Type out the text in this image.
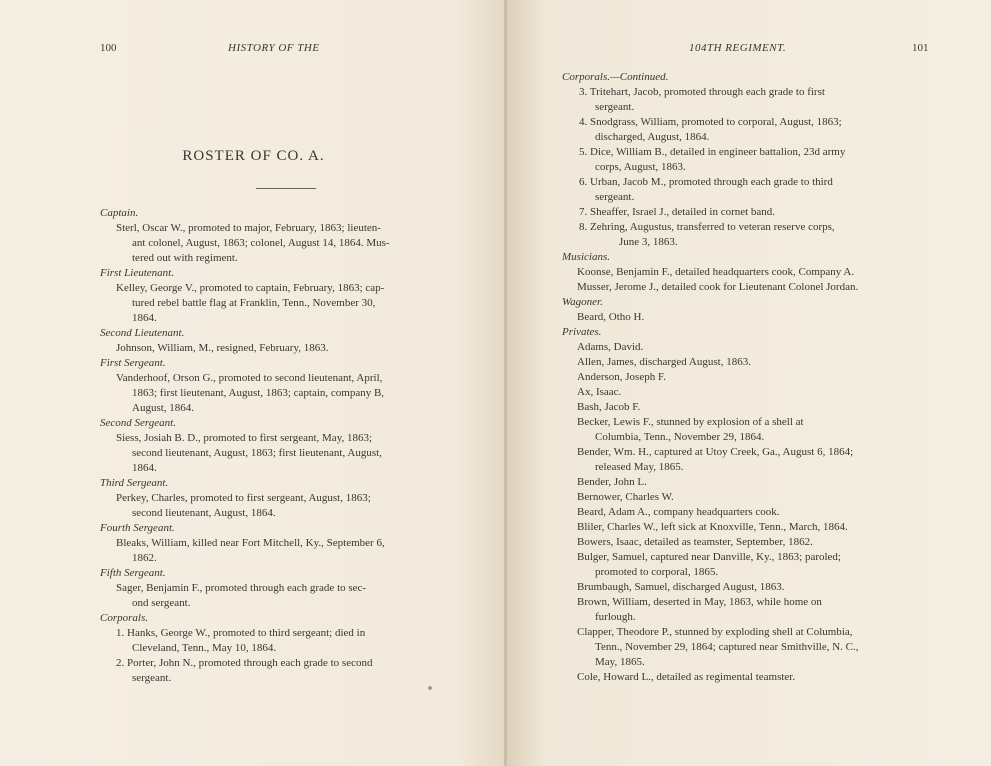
100	HISTORY OF THE
ROSTER OF CO. A.
Captain.
Sterl, Oscar W., promoted to major, February, 1863; lieuten-
ant colonel, August, 1863; colonel, August 14, 1864. Mus-
tered out with regiment.
First Lieutenant.
Kelley, George V., promoted to captain, February, 1863; cap-
tured rebel battle flag at Franklin, Tenn., November 30,
1864.
Second Lieutenant.
Johnson, William, M., resigned, February, 1863.
First Sergeant.
Vanderhoof, Orson G., promoted to second lieutenant, April,
1863; first lieutenant, August, 1863; captain, company B,
August, 1864.
Second Sergeant.
Siess, Josiah B. D., promoted to first sergeant, May, 1863;
second lieutenant, August, 1863; first lieutenant, August,
1864.
Third Sergeant.
Perkey, Charles, promoted to first sergeant, August, 1863;
second lieutenant, August, 1864.
Fourth Sergeant.
Bleaks, William, killed near Fort Mitchell, Ky., September 6,
1862.
Fifth Sergeant.
Sager, Benjamin F., promoted through each grade to sec-
ond sergeant.
Corporals.
1. Hanks, George W., promoted to third sergeant; died in
Cleveland, Tenn., May 10, 1864.
2. Porter, John N., promoted through each grade to second
sergeant.
104TH REGIMENT.	101
Corporals.—Continued.
3. Tritehart, Jacob, promoted through each grade to first
sergeant.
4. Snodgrass, William, promoted to corporal, August, 1863;
discharged, August, 1864.
5. Dice, William B., detailed in engineer battalion, 23d army
corps, August, 1863.
6. Urban, Jacob M., promoted through each grade to third
sergeant.
7. Sheaffer, Israel J., detailed in cornet band.
8. Zehring, Augustus, transferred to veteran reserve corps,
June 3, 1863.
Musicians.
Koonse, Benjamin F., detailed headquarters cook, Company A.
Musser, Jerome J., detailed cook for Lieutenant Colonel Jordan.
Wagoner.
Beard, Otho H.
Privates.
Adams, David.
Allen, James, discharged August, 1863.
Anderson, Joseph F.
Ax, Isaac.
Bash, Jacob F.
Becker, Lewis F., stunned by explosion of a shell at
Columbia, Tenn., November 29, 1864.
Bender, Wm. H., captured at Utoy Creek, Ga., August 6, 1864;
released May, 1865.
Bender, John L.
Bernower, Charles W.
Beard, Adam A., company headquarters cook.
Bliler, Charles W., left sick at Knoxville, Tenn., March, 1864.
Bowers, Isaac, detailed as teamster, September, 1862.
Bulger, Samuel, captured near Danville, Ky., 1863; paroled;
promoted to corporal, 1865.
Brumbaugh, Samuel, discharged August, 1863.
Brown, William, deserted in May, 1863, while home on
furlough.
Clapper, Theodore P., stunned by exploding shell at Columbia,
Tenn., November 29, 1864; captured near Smithville, N. C.,
May, 1865.
Cole, Howard L., detailed as regimental teamster.
